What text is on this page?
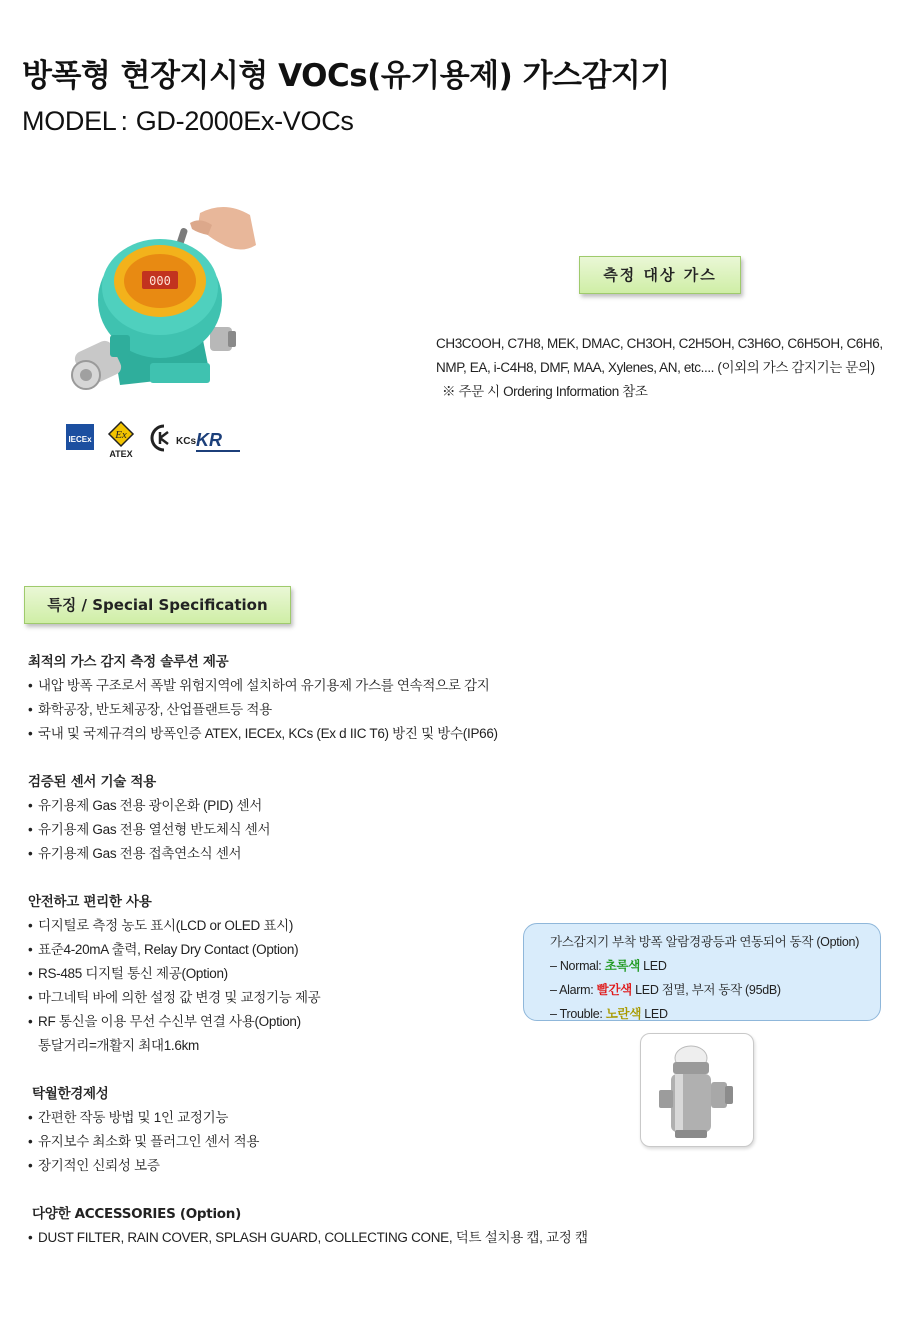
방폭형 현장지시형 VOCs(유기용제) 가스감지기
MODEL : GD-2000Ex-VOCs
000
IECEx Ex
ATEX
KCs KR
측정 대상 가스
CH3COOH, C7H8, MEK, DMAC, CH3OH, C2H5OH, C3H6O, C6H5OH, C6H6,
NMP, EA, i-C4H8, DMF, MAA, Xylenes, AN, etc.... (이외의 가스 감지기는 문의)
※ 주문 시 Ordering Information 참조
특징 / Special Specification
최적의 가스 감지 측정 솔루션 제공
• 내압 방폭 구조로서 폭발 위험지역에 설치하여 유기용제 가스를 연속적으로 감지
• 화학공장, 반도체공장, 산업플랜트등 적용
• 국내 및 국제규격의 방폭인증 ATEX, IECEx, KCs (Ex d IIC T6) 방진 및 방수(IP66)
검증된 센서 기술 적용
• 유기용제 Gas 전용 광이온화 (PID) 센서
• 유기용제 Gas 전용 열선형 반도체식 센서
• 유기용제 Gas 전용 접촉연소식 센서
안전하고 편리한 사용
• 디지털로 측정 농도 표시(LCD or OLED 표시)
• 표준4-20mA 출력, Relay Dry Contact (Option)
• RS-485 디지털 통신 제공(Option)
• 마그네틱 바에 의한 설정 값 변경 및 교정기능 제공
• RF 통신을 이용 무선 수신부 연결 사용(Option)
통달거리=개활지 최대1.6km
탁월한경제성
• 간편한 작동 방법 및 1인 교정기능
• 유지보수 최소화 및 플러그인 센서 적용
• 장기적인 신뢰성 보증
다양한 ACCESSORIES (Option)
• DUST FILTER, RAIN COVER, SPLASH GUARD, COLLECTING CONE, 덕트 설치용 캡, 교정 캡
가스감지기 부착 방폭 알람경광등과 연동되어 동작 (Option)
– Normal: 초록색 LED
– Alarm: 빨간색 LED 점멸, 부저 동작 (95dB)
– Trouble: 노란색 LED
